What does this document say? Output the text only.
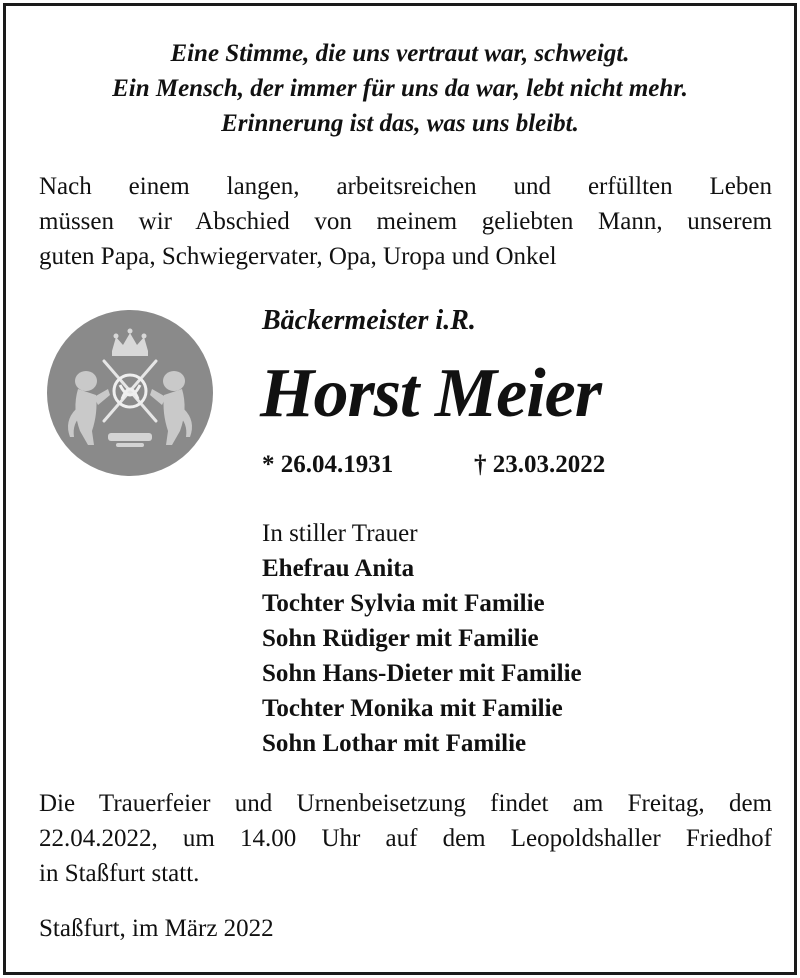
Eine Stimme, die uns vertraut war, schweigt.
Ein Mensch, der immer für uns da war, lebt nicht mehr.
Erinnerung ist das, was uns bleibt.
Nach einem langen, arbeitsreichen und erfüllten Leben
müssen wir Abschied von meinem geliebten Mann, unserem
guten Papa, Schwiegervater, Opa, Uropa und Onkel
Bäckermeister i.R.
Horst Meier
* 26.04.1931	† 23.03.2022
In stiller Trauer
Ehefrau Anita
Tochter Sylvia mit Familie
Sohn Rüdiger mit Familie
Sohn Hans-Dieter mit Familie
Tochter Monika mit Familie
Sohn Lothar mit Familie
Die Trauerfeier und Urnenbeisetzung findet am Freitag, dem
22.04.2022, um 14.00 Uhr auf dem Leopoldshaller Friedhof
in Staßfurt statt.
Staßfurt, im März 2022
